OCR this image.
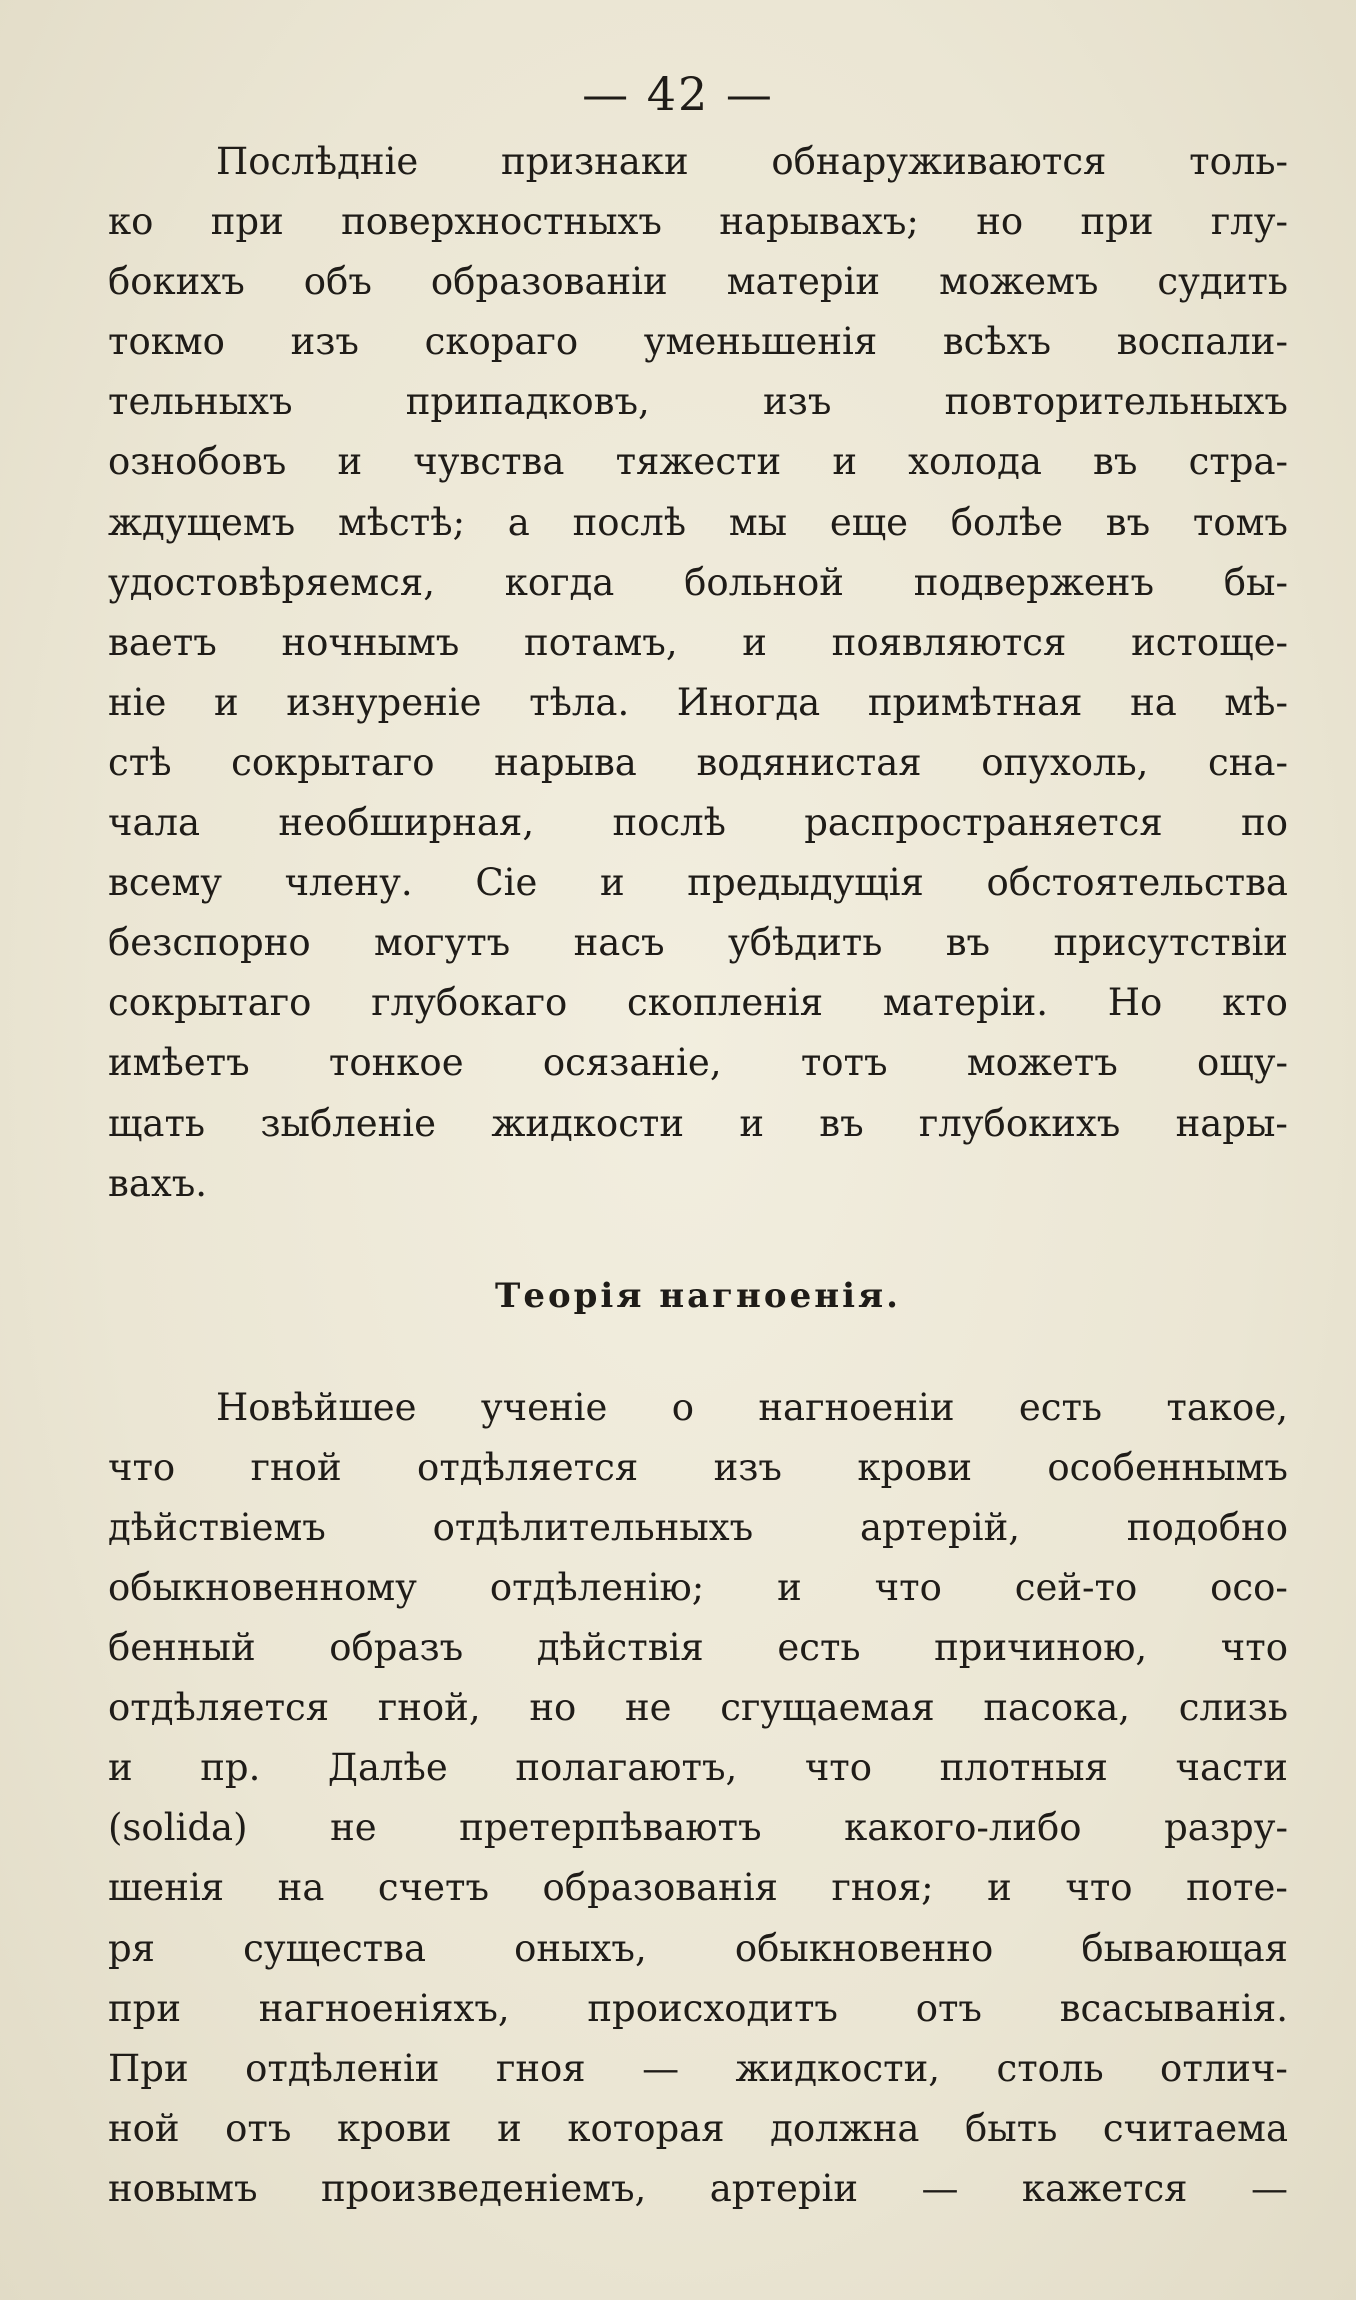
— 42 —
Послѣдніе признаки обнаруживаются толь-
ко при поверхностныхъ нарывахъ; но при глу-
бокихъ объ образованіи матеріи можемъ судить
токмо изъ скораго уменьшенія всѣхъ воспали-
тельныхъ	припадковъ,	изъ	повторительныхъ
ознобовъ и чувства тяжести и холода въ стра-
ждущемъ мѣстѣ; а послѣ мы еще болѣе въ томъ
удостовѣряемся, когда больной подверженъ бы-
ваетъ ночнымъ потамъ, и появляются истоще-
ніе и изнуреніе тѣла. Иногда примѣтная на мѣ-
стѣ сокрытаго нарыва водянистая опухоль, сна-
чала необширная, послѣ распространяется по
всему члену. Сіе и предыдущія обстоятельства
безспорно могутъ насъ убѣдить въ присутствіи
сокрытаго глубокаго скопленія матеріи. Но кто
имѣетъ тонкое осязаніе, тотъ можетъ ощу-
щать зыбленіе жидкости и въ глубокихъ нары-
вахъ.
Теорія нагноенія.
Новѣйшее ученіе о нагноеніи есть такое,
что гной отдѣляется изъ крови особеннымъ
дѣйствіемъ	отдѣлительныхъ	артерій,	подобно
обыкновенному отдѣленію; и что сей-то осо-
бенный образъ дѣйствія есть причиною, что
отдѣляется гной, но не сгущаемая пасока, слизь
и пр. Далѣе полагаютъ, что плотныя части
(solida) не претерпѣваютъ какого-либо разру-
шенія на счетъ образованія гноя; и что поте-
ря существа оныхъ, обыкновенно бывающая
при нагноеніяхъ, происходитъ отъ всасыванія.
При отдѣленіи гноя — жидкости, столь отлич-
ной отъ крови и которая должна быть считаема
новымъ произведеніемъ, артеріи — кажется —
